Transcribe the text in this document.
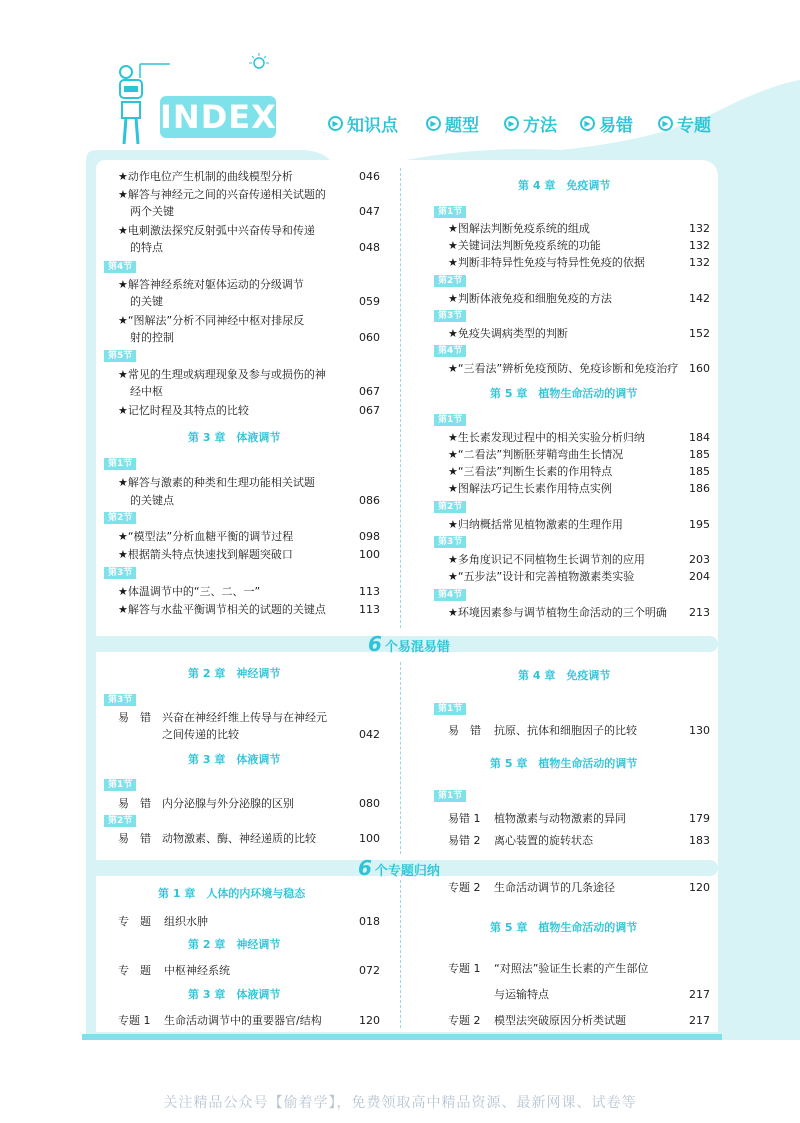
INDEX	▶ 知识点	▶ 题型	▶ 方法	▶ 易错	▶ 专题
★动作电位产生机制的曲线模型分析	046
★解答与神经元之间的兴奋传递相关试题的
两个关键	047
★电刺激法探究反射弧中兴奋传导和传递
的特点	048
第4节
★解答神经系统对躯体运动的分级调节
的关键	059
★“图解法”分析不同神经中枢对排尿反
射的控制	060
第5节
★常见的生理或病理现象及参与或损伤的神
经中枢	067
★记忆时程及其特点的比较	067
第 3 章　体液调节
第1节
★解答与激素的种类和生理功能相关试题
的关键点	086
第2节
★“模型法”分析血糖平衡的调节过程	098
★根据箭头特点快速找到解题突破口	100
第3节
★体温调节中的“三、二、一”	113
★解答与水盐平衡调节相关的试题的关键点	113
第 4 章　免疫调节
第1节
★图解法判断免疫系统的组成	132
★关键词法判断免疫系统的功能	132
★判断非特异性免疫与特异性免疫的依据	132
第2节
★判断体液免疫和细胞免疫的方法	142
第3节
★免疫失调病类型的判断	152
第4节
★“三看法”辨析免疫预防、免疫诊断和免疫治疗 160
第 5 章　植物生命活动的调节
第1节
★生长素发现过程中的相关实验分析归纳	184
★“二看法”判断胚芽鞘弯曲生长情况	185
★“三看法”判断生长素的作用特点	185
★图解法巧记生长素作用特点实例	186
第2节
★归纳概括常见植物激素的生理作用	195
第3节
★多角度识记不同植物生长调节剂的应用	203
★“五步法”设计和完善植物激素类实验	204
第4节
★环境因素参与调节植物生命活动的三个明确	213
6 个易混易错
第 2 章　神经调节
第3节
易　错 兴奋在神经纤维上传导与在神经元
之间传递的比较	042
第 3 章　体液调节
第1节
易　错 内分泌腺与外分泌腺的区别	080
第2节
易　错 动物激素、酶、神经递质的比较	100
第 4 章　免疫调节
第1节
易　错 抗原、抗体和细胞因子的比较	130
第 5 章　植物生命活动的调节
第1节
易错 1 植物激素与动物激素的异同	179
易错 2 离心装置的旋转状态	183
6 个专题归纳
第 1 章　人体的内环境与稳态
专　题 组织水肿	018
第 2 章　神经调节
专　题 中枢神经系统	072
第 3 章　体液调节
专题 1 生命活动调节中的重要器官/结构	120
专题 2 生命活动调节的几条途径	120
第 5 章　植物生命活动的调节
专题 1 “对照法”验证生长素的产生部位
与运输特点	217
专题 2 模型法突破原因分析类试题	217
关注精品公众号【偷着学】，免费领取高中精品资源、最新网课、试卷等
